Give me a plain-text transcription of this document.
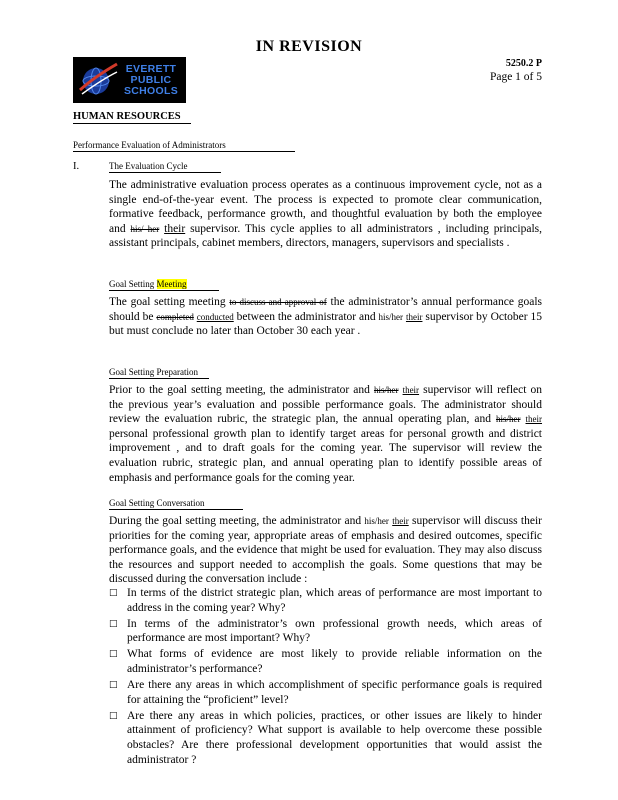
IN REVISION
EVERETT
PUBLIC
SCHOOLS
5250.2 P
Page 1 of 5
HUMAN RESOURCES
Performance Evaluation of Administrators
I.	The Evaluation Cycle
The administrative evaluation process operates as a continuous improvement cycle, not as a single end-of-the-year event. The process is expected to promote clear communication, formative feedback, performance growth, and thoughtful evaluation by both the employee and his/ her their supervisor. This cycle applies to all administrators , including principals, assistant principals, cabinet members, directors, managers, supervisors and specialists .
Goal Setting Meeting
The goal setting meeting to discuss and approval of the administrator’s annual performance goals should be completed conducted between the administrator and his/her their supervisor by October 15 but must conclude no later than October 30 each year .
Goal Setting Preparation
Prior to the goal setting meeting, the administrator and his/her their supervisor will reflect on the previous year’s evaluation and possible performance goals. The administrator should review the evaluation rubric, the strategic plan, the annual operating plan, and his/her their personal professional growth plan to identify target areas for personal growth and district improvement , and to draft goals for the coming year. The supervisor will review the evaluation rubric, strategic plan, and annual operating plan to identify possible areas of emphasis and performance goals for the coming year.
Goal Setting Conversation
During the goal setting meeting, the administrator and his/her their supervisor will discuss their priorities for the coming year, appropriate areas of emphasis and desired outcomes, specific performance goals, and the evidence that might be used for evaluation. They may also discuss the resources and support needed to accomplish the goals. Some questions that may be discussed during the conversation include :
□ In terms of the district strategic plan, which areas of performance are most important to address in the coming year? Why?
□ In terms of the administrator’s own professional growth needs, which areas of performance are most important? Why?
□ What forms of evidence are most likely to provide reliable information on the administrator’s performance?
□ Are there any areas in which accomplishment of specific performance goals is required for attaining the “proficient” level?
□ Are there any areas in which policies, practices, or other issues are likely to hinder attainment of proficiency? What support is available to help overcome these possible obstacles? Are there professional development opportunities that would assist the administrator ?
